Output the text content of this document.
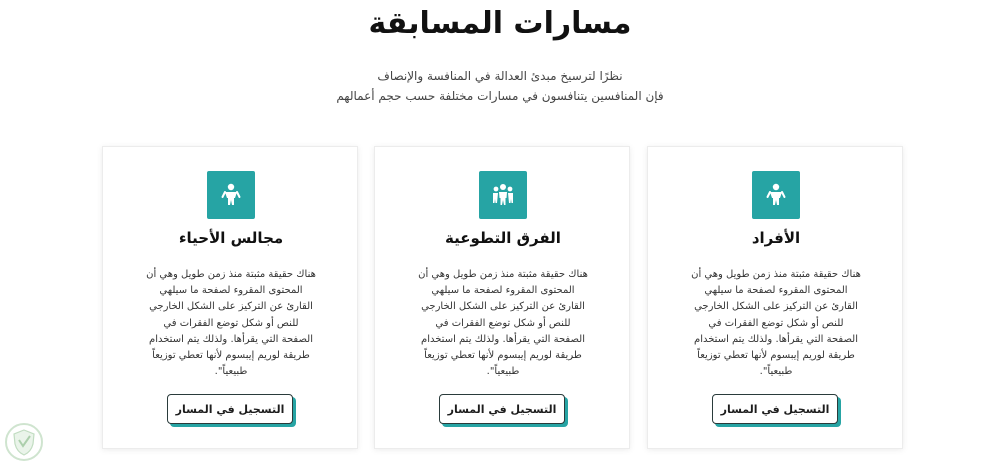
مسارات المسابقة
نظرًا لترسيخ مبدئ العدالة في المنافسة والإنصاف
فإن المنافسين يتنافسون في مسارات مختلفة حسب حجم أعمالهم
مجالس الأحياء
هناك حقيقة مثبتة منذ زمن طويل وهي أن
المحتوى المقروء لصفحة ما سيلهي
القارئ عن التركيز على الشكل الخارجي
للنص أو شكل توضع الفقرات في
الصفحة التي يقرأها. ولذلك يتم استخدام
طريقة لوريم إيبسوم لأنها تعطي توزيعاً
طبيعياً".
التسجيل في المسار
الفرق التطوعية
هناك حقيقة مثبتة منذ زمن طويل وهي أن
المحتوى المقروء لصفحة ما سيلهي
القارئ عن التركيز على الشكل الخارجي
للنص أو شكل توضع الفقرات في
الصفحة التي يقرأها. ولذلك يتم استخدام
طريقة لوريم إيبسوم لأنها تعطي توزيعاً
طبيعياً".
التسجيل في المسار
الأفراد
هناك حقيقة مثبتة منذ زمن طويل وهي أن
المحتوى المقروء لصفحة ما سيلهي
القارئ عن التركيز على الشكل الخارجي
للنص أو شكل توضع الفقرات في
الصفحة التي يقرأها. ولذلك يتم استخدام
طريقة لوريم إيبسوم لأنها تعطي توزيعاً
طبيعياً".
التسجيل في المسار
